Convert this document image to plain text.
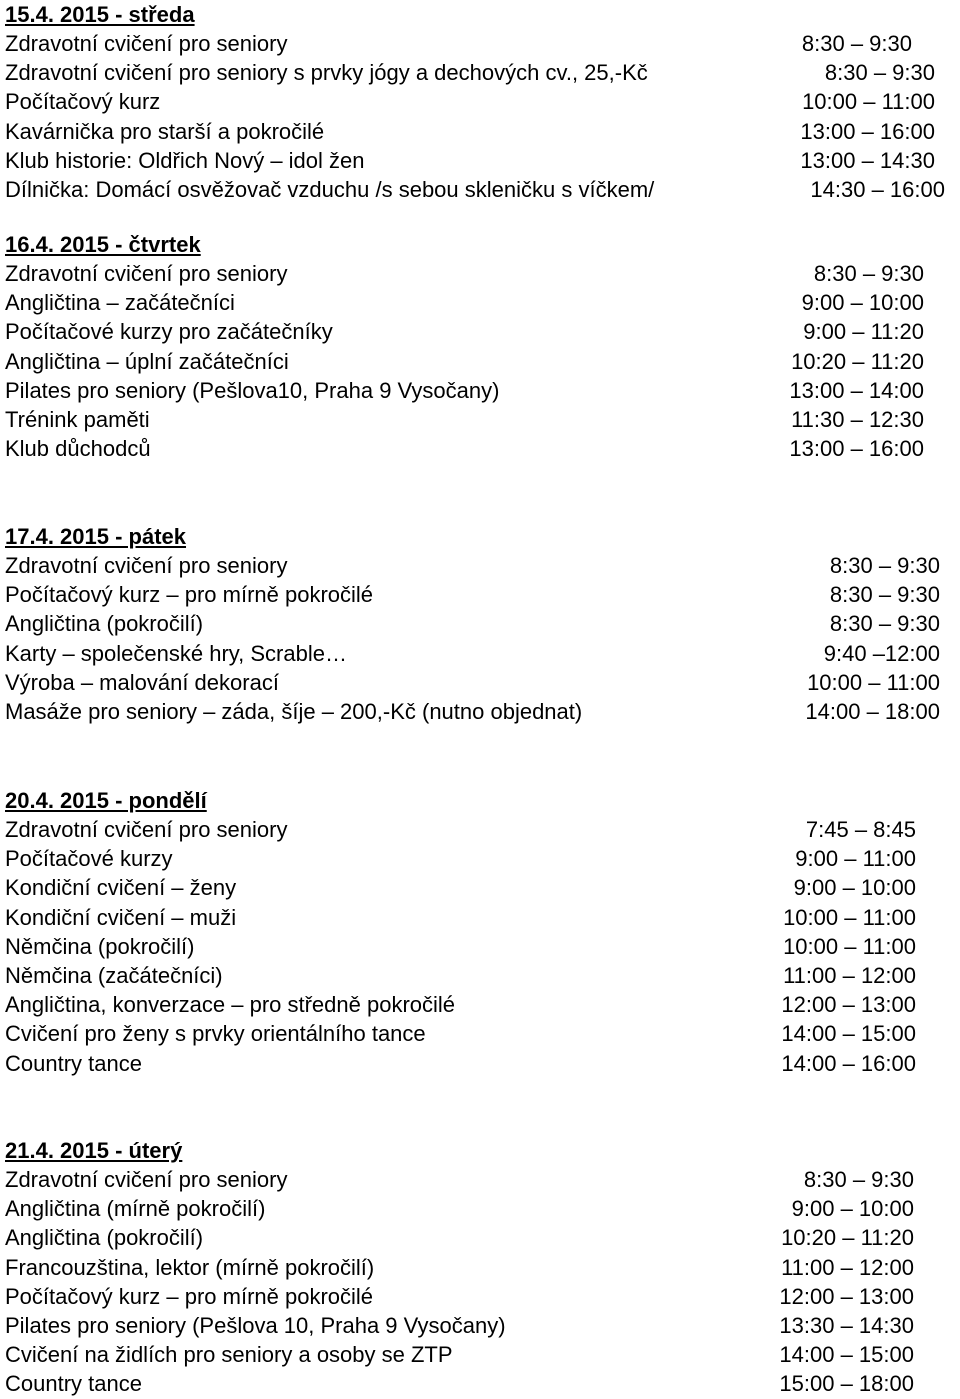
15.4. 2015 - středa
Zdravotní cvičení pro seniory	8:30 – 9:30
Zdravotní cvičení pro seniory s prvky jógy a dechových cv., 25,-Kč	8:30 – 9:30
Počítačový kurz	10:00 – 11:00
Kavárnička pro starší a pokročilé	13:00 – 16:00
Klub historie: Oldřich Nový – idol žen	13:00 – 14:30
Dílnička: Domácí osvěžovač vzduchu /s sebou skleničku s víčkem/	14:30 – 16:00
16.4. 2015 - čtvrtek
Zdravotní cvičení pro seniory	8:30 – 9:30
Angličtina – začátečníci	9:00 – 10:00
Počítačové kurzy pro začátečníky	9:00 – 11:20
Angličtina – úplní začátečníci	10:20 – 11:20
Pilates pro seniory (Pešlova10, Praha 9 Vysočany)	13:00 – 14:00
Trénink paměti	11:30 – 12:30
Klub důchodců	13:00 – 16:00
17.4. 2015 - pátek
Zdravotní cvičení pro seniory	8:30 – 9:30
Počítačový kurz – pro mírně pokročilé	8:30 – 9:30
Angličtina (pokročilí)	8:30 – 9:30
Karty – společenské hry, Scrable…	9:40 –12:00
Výroba – malování dekorací	10:00 – 11:00
Masáže pro seniory – záda, šíje – 200,-Kč (nutno objednat)	14:00 – 18:00
20.4. 2015 - pondělí
Zdravotní cvičení pro seniory	7:45 – 8:45
Počítačové kurzy	9:00 – 11:00
Kondiční cvičení – ženy	9:00 – 10:00
Kondiční cvičení – muži	10:00 – 11:00
Němčina (pokročilí)	10:00 – 11:00
Němčina (začátečníci)	11:00 – 12:00
Angličtina, konverzace – pro středně pokročilé	12:00 – 13:00
Cvičení pro ženy s prvky orientálního tance	14:00 – 15:00
Country tance	14:00 – 16:00
21.4. 2015 - úterý
Zdravotní cvičení pro seniory	8:30 – 9:30
Angličtina (mírně pokročilí)	9:00 – 10:00
Angličtina (pokročilí)	10:20 – 11:20
Francouzština, lektor (mírně pokročilí)	11:00 – 12:00
Počítačový kurz – pro mírně pokročilé	12:00 – 13:00
Pilates pro seniory (Pešlova 10, Praha 9 Vysočany)	13:30 – 14:30
Cvičení na židlích pro seniory a osoby se ZTP	14:00 – 15:00
Country tance	15:00 – 18:00
